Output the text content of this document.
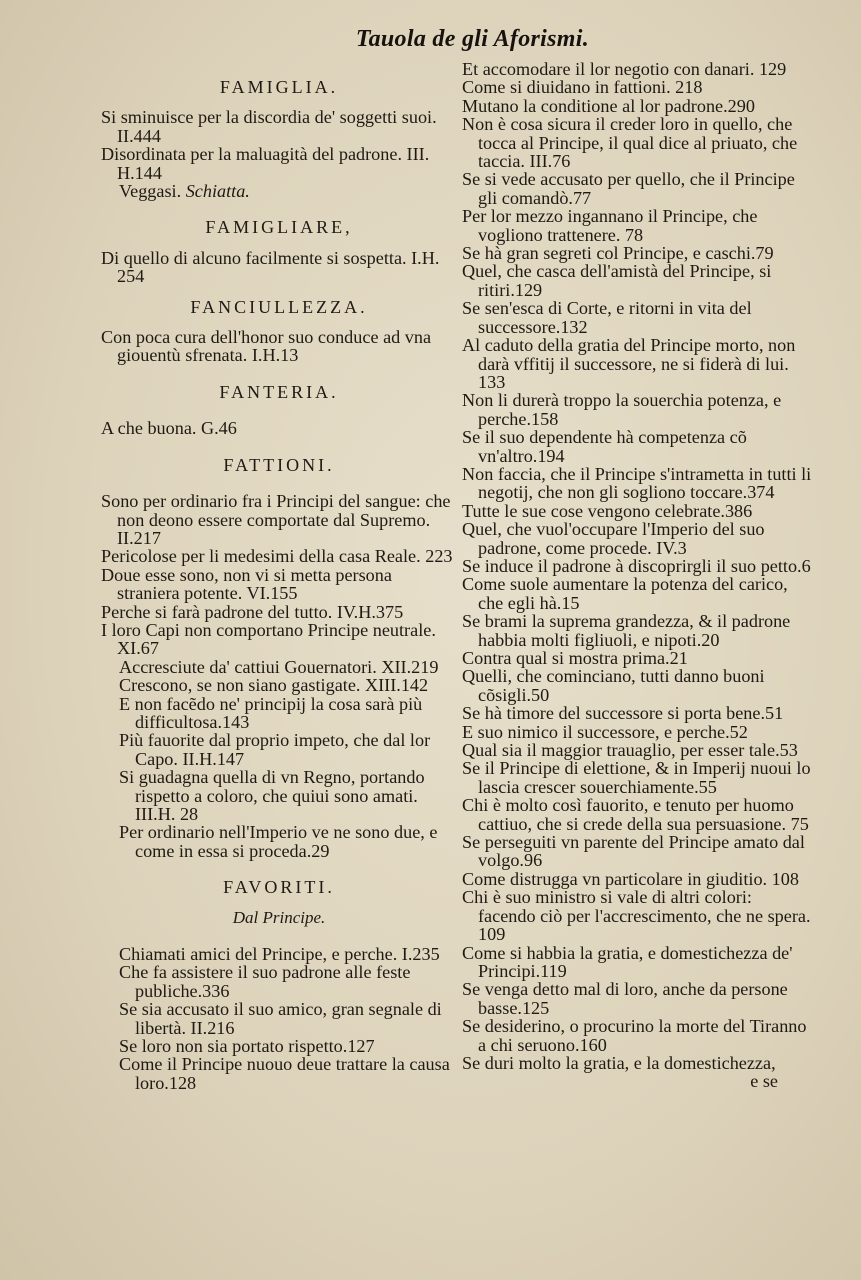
Tauola de gli Aforismi.
FAMIGLIA.
Si sminuisce per la discordia de' soggetti suoi. II.444
Disordinata per la maluagità del padrone. III. H.144
Veggasi. Schiatta.
FAMIGLIARE,
Di quello di alcuno facilmente si sospetta. I.H. 254
FANCIULLEZZA.
Con poca cura dell'honor suo conduce ad vna giouentù sfrenata. I.H.13
FANTERIA.
A che buona. G.46
FATTIONI.
Sono per ordinario fra i Principi del sangue: che non deono essere comportate dal Supremo. II.217
Pericolose per li medesimi della casa Reale. 223
Doue esse sono, non vi si metta persona straniera potente. VI.155
Perche si farà padrone del tutto. IV.H.375
I loro Capi non comportano Principe neutrale. XI.67
Accresciute da' cattiui Gouernatori. XII.219
Crescono, se non siano gastigate. XIII.142
E non facẽdo ne' principij la cosa sarà più difficultosa.143
Più fauorite dal proprio impeto, che dal lor Capo. II.H.147
Si guadagna quella di vn Regno, portando rispetto a coloro, che quiui sono amati. III.H. 28
Per ordinario nell'Imperio ve ne sono due, e come in essa si proceda.29
FAVORITI.
Dal Principe.
Chiamati amici del Principe, e perche. I.235
Che fa assistere il suo padrone alle feste publiche.336
Se sia accusato il suo amico, gran segnale di libertà. II.216
Se loro non sia portato rispetto.127
Come il Principe nuouo deue trattare la causa loro.128
Et accomodare il lor negotio con danari. 129
Come si diuidano in fattioni. 218
Mutano la conditione al lor padrone.290
Non è cosa sicura il creder loro in quello, che tocca al Principe, il qual dice al priuato, che taccia. III.76
Se si vede accusato per quello, che il Principe gli comandò.77
Per lor mezzo ingannano il Principe, che vogliono trattenere. 78
Se hà gran segreti col Principe, e caschi.79
Quel, che casca dell'amistà del Principe, si ritiri.129
Se sen'esca di Corte, e ritorni in vita del successore.132
Al caduto della gratia del Principe morto, non darà vffitij il successore, ne si fiderà di lui. 133
Non li durerà troppo la souerchia potenza, e perche.158
Se il suo dependente hà competenza cõ vn'altro.194
Non faccia, che il Principe s'intrametta in tutti li negotij, che non gli sogliono toccare.374
Tutte le sue cose vengono celebrate.386
Quel, che vuol'occupare l'Imperio del suo padrone, come procede. IV.3
Se induce il padrone à discoprirgli il suo petto.6
Come suole aumentare la potenza del carico, che egli hà.15
Se brami la suprema grandezza, & il padrone habbia molti figliuoli, e nipoti.20
Contra qual si mostra prima.21
Quelli, che cominciano, tutti danno buoni cõsigli.50
Se hà timore del successore si porta bene.51
E suo nimico il successore, e perche.52
Qual sia il maggior trauaglio, per esser tale.53
Se il Principe di elettione, & in Imperij nuoui lo lascia crescer souerchiamente.55
Chi è molto così fauorito, e tenuto per huomo cattiuo, che si crede della sua persuasione. 75
Se perseguiti vn parente del Principe amato dal volgo.96
Come distrugga vn particolare in giuditio. 108
Chi è suo ministro si vale di altri colori: facendo ciò per l'accrescimento, che ne spera. 109
Come si habbia la gratia, e domestichezza de' Principi.119
Se venga detto mal di loro, anche da persone basse.125
Se desiderino, o procurino la morte del Tiranno a chi seruono.160
Se duri molto la gratia, e la domestichezza,
e se
